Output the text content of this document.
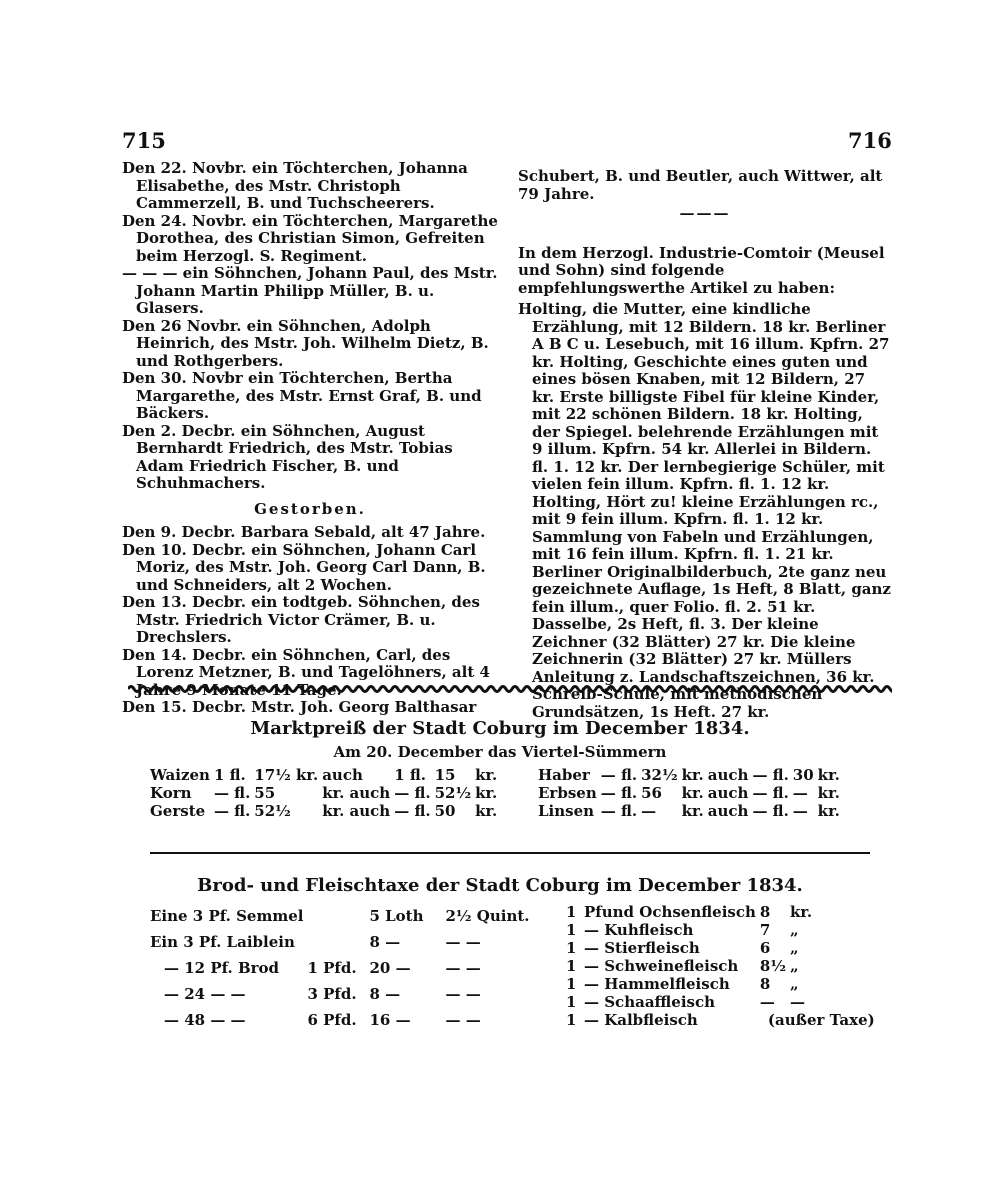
715	716

Den 22. Novbr. ein Töchterchen, Johanna Elisabethe, des Mstr. Christoph Cammerzell, B. und Tuchscheerers.

Den 24. Novbr. ein Töchterchen, Margarethe Dorothea, des Christian Simon, Gefreiten beim Herzogl. S. Regiment.

— — — ein Söhnchen, Johann Paul, des Mstr. Johann Martin Philipp Müller, B. u. Glasers.

Den 26 Novbr. ein Söhnchen, Adolph Heinrich, des Mstr. Joh. Wilhelm Dietz, B. und Rothgerbers.

Den 30. Novbr ein Töchterchen, Bertha Margarethe, des Mstr. Ernst Graf, B. und Bäckers.

Den 2. Decbr. ein Söhnchen, August Bernhardt Friedrich, des Mstr. Tobias Adam Friedrich Fischer, B. und Schuhmachers.

Gestorben.

Den 9. Decbr. Barbara Sebald, alt 47 Jahre.

Den 10. Decbr. ein Söhnchen, Johann Carl Moriz, des Mstr. Joh. Georg Carl Dann, B. und Schneiders, alt 2 Wochen.

Den 13. Decbr. ein todtgeb. Söhnchen, des Mstr. Friedrich Victor Crämer, B. u. Drechslers.

Den 14. Decbr. ein Söhnchen, Carl, des Lorenz Metzner, B. und Tagelöhners, alt 4 Jahre 9 Monate 11 Tage.

Den 15. Decbr. Mstr. Joh. Georg Balthasar

Schubert, B. und Beutler, auch Wittwer, alt 79 Jahre.

———

In dem Herzogl. Industrie-Comtoir (Meusel und Sohn) sind folgende empfehlungswerthe Artikel zu haben:

Holting, die Mutter, eine kindliche Erzählung, mit 12 Bildern. 18 kr. Berliner A B C u. Lesebuch, mit 16 illum. Kpfrn. 27 kr. Holting, Geschichte eines guten und eines bösen Knaben, mit 12 Bildern, 27 kr. Erste billigste Fibel für kleine Kinder, mit 22 schönen Bildern. 18 kr. Holting, der Spiegel. belehrende Erzählungen mit 9 illum. Kpfrn. 54 kr. Allerlei in Bildern. fl. 1. 12 kr. Der lernbegierige Schüler, mit vielen fein illum. Kpfrn. fl. 1. 12 kr. Holting, Hört zu! kleine Erzählungen rc., mit 9 fein illum. Kpfrn. fl. 1. 12 kr. Sammlung von Fabeln und Erzählungen, mit 16 fein illum. Kpfrn. fl. 1. 21 kr. Berliner Originalbilderbuch, 2te ganz neu gezeichnete Auflage, 1s Heft, 8 Blatt, ganz fein illum., quer Folio. fl. 2. 51 kr. Dasselbe, 2s Heft, fl. 3. Der kleine Zeichner (32 Blätter) 27 kr. Die kleine Zeichnerin (32 Blätter) 27 kr. Müllers Anleitung z. Landschaftszeichnen, 36 kr. Schreib-Schule, mit methodischen Grundsätzen, 1s Heft. 27 kr.

Marktpreiß der Stadt Coburg im December 1834.
Am 20. December das Viertel-Sümmern
Waizen	1 fl.	17½ kr.	auch	1 fl.	15	kr.
Korn	— fl.	55	kr. auch	— fl.	52½	kr.
Gerste	— fl.	52½	kr. auch	— fl.	50	kr.
Haber	— fl.	32½	kr.	auch	— fl.	30	kr.
Erbsen	— fl.	56	kr.	auch	— fl.	—	kr.
Linsen	— fl.	—	kr.	auch	— fl.	—	kr.
Brod- und Fleischtaxe der Stadt Coburg im December 1834.
Eine 3 Pf. Semmel		5 Loth	2½ Quint.
Ein 3 Pf. Laiblein		8 —	— —
— 12 Pf. Brod	1 Pfd.	20 —	— —
— 24 — —	3 Pfd.	8 —	— —
— 48 — —	6 Pfd.	16 —	— —
1	Pfund Ochsenfleisch	8	kr.
1	— Kuhfleisch	7	„
1	— Stierfleisch	6	„
1	— Schweinefleisch	8½	„
1	— Hammelfleisch	8	„
1	— Schaaffleisch	—	—
1	— Kalbfleisch	(außer Taxe)	
